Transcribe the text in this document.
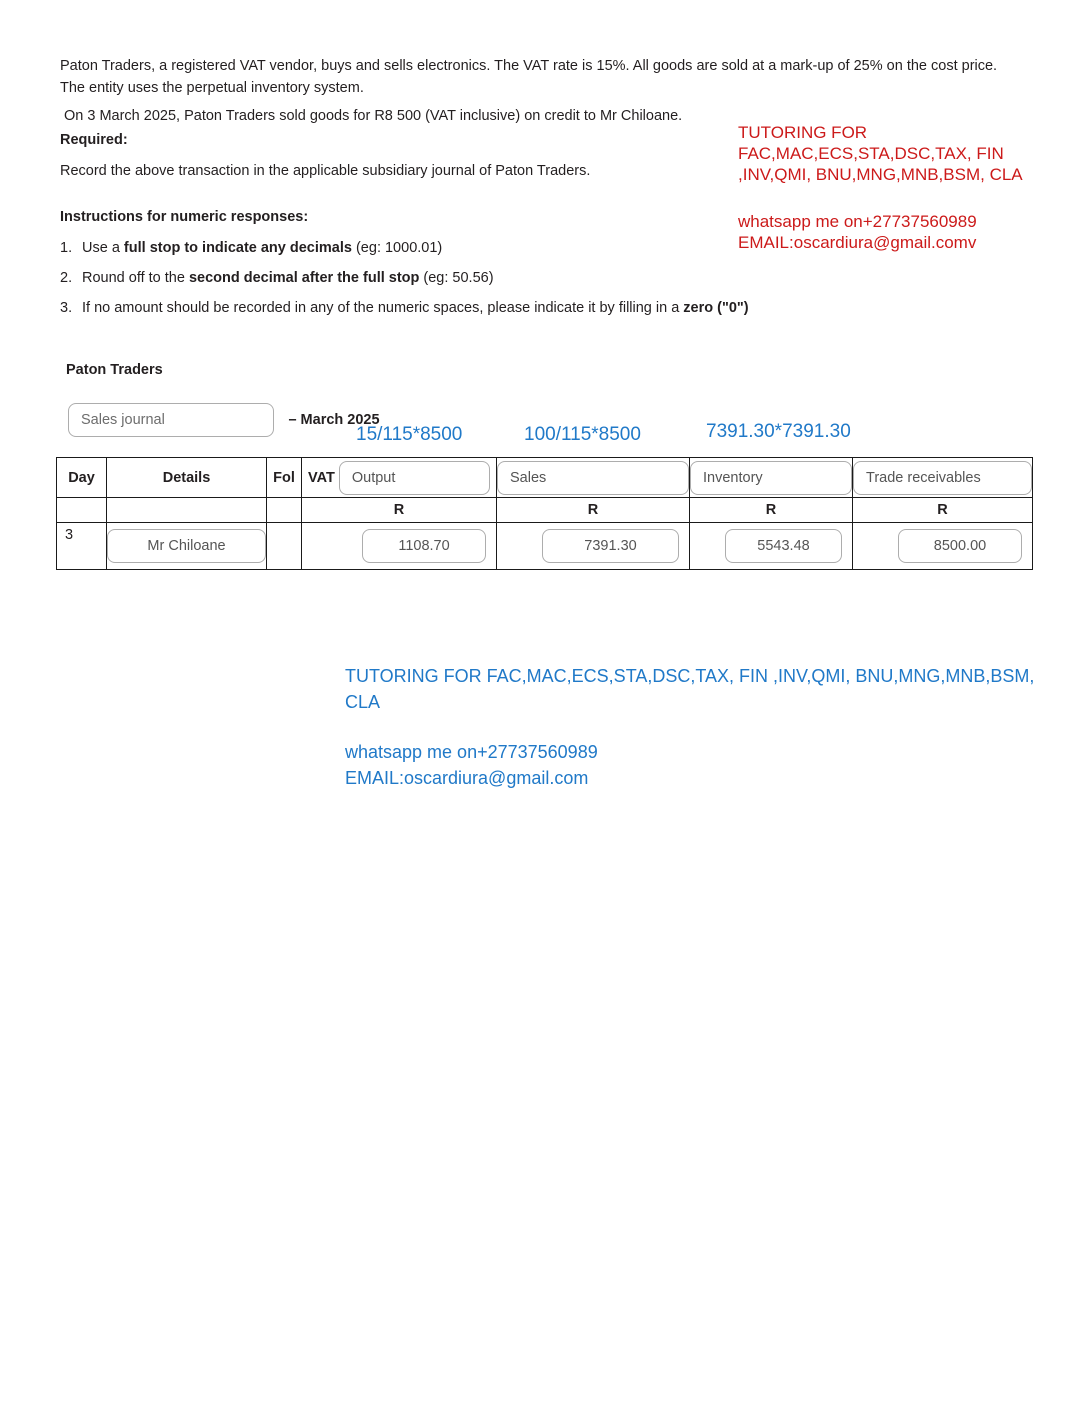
Paton Traders, a registered VAT vendor, buys and sells electronics. The VAT rate is 15%. All goods are sold at a mark-up of 25% on the cost price. The entity uses the perpetual inventory system.

On 3 March 2025, Paton Traders sold goods for R8 500 (VAT inclusive) on credit to Mr Chiloane.

Required:
Record the above transaction in the applicable subsidiary journal of Paton Traders.
Instructions for numeric responses:
1. Use a full stop to indicate any decimals (eg: 1000.01)
2. Round off to the second decimal after the full stop (eg: 50.56)
3. If no amount should be recorded in any of the numeric spaces, please indicate it by filling in a zero ("0")
TUTORING FOR
FAC,MAC,ECS,STA,DSC,TAX, FIN
,INV,QMI, BNU,MNG,MNB,BSM, CLA
whatsapp me on+27737560989
EMAIL:oscardiura@gmail.comv
Paton Traders
Sales journal	– March 2025
15/115*8500	100/115*8500	7391.30*7391.30
Day	Details	Fol	VAT Output	Sales	Inventory	Trade receivables

			R	R	R	R

3	Mr Chiloane		1108.70	7391.30	5543.48	8500.00
TUTORING FOR FAC,MAC,ECS,STA,DSC,TAX, FIN ,INV,QMI, BNU,MNG,MNB,BSM,
CLA
whatsapp me on+27737560989
EMAIL:oscardiura@gmail.com
